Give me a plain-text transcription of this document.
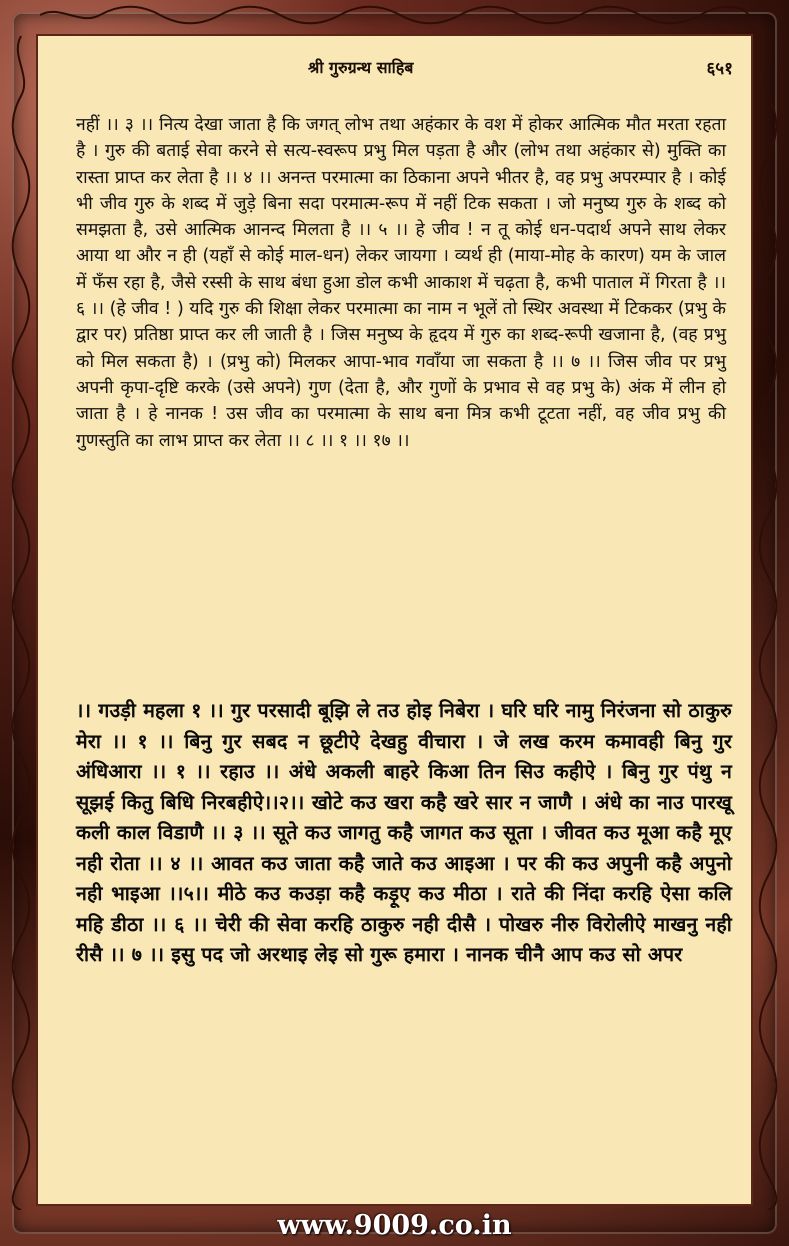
श्री गुरुग्रन्थ साहिब	६५१
नहीं ।। ३ ।। नित्य देखा जाता है कि जगत् लोभ तथा अहंकार के वश में होकर आत्मिक मौत मरता रहता है । गुरु की बताई सेवा करने से सत्य-स्वरूप प्रभु मिल पड़ता है और (लोभ तथा अहंकार से) मुक्ति का रास्ता प्राप्त कर लेता है ।। ४ ।। अनन्त परमात्मा का ठिकाना अपने भीतर है, वह प्रभु अपरम्पार है । कोई भी जीव गुरु के शब्द में जुड़े बिना सदा परमात्म-रूप में नहीं टिक सकता । जो मनुष्य गुरु के शब्द को समझता है, उसे आत्मिक आनन्द मिलता है ।। ५ ।। हे जीव ! न तू कोई धन-पदार्थ अपने साथ लेकर आया था और न ही (यहाँ से कोई माल-धन) लेकर जायगा । व्यर्थ ही (माया-मोह के कारण) यम के जाल में फँस रहा है, जैसे रस्सी के साथ बंधा हुआ डोल कभी आकाश में चढ़ता है, कभी पाताल में गिरता है ।। ६ ।। (हे जीव ! ) यदि गुरु की शिक्षा लेकर परमात्मा का नाम न भूलें तो स्थिर अवस्था में टिककर (प्रभु के द्वार पर) प्रतिष्ठा प्राप्त कर ली जाती है । जिस मनुष्य के हृदय में गुरु का शब्द-रूपी खजाना है, (वह प्रभु को मिल सकता है) । (प्रभु को) मिलकर आपा-भाव गवाँया जा सकता है ।। ७ ।। जिस जीव पर प्रभु अपनी कृपा-दृष्टि करके (उसे अपने) गुण (देता है, और गुणों के प्रभाव से वह प्रभु के) अंक में लीन हो जाता है । हे नानक ! उस जीव का परमात्मा के साथ बना मित्र कभी टूटता नहीं, वह जीव प्रभु की गुणस्तुति का लाभ प्राप्त कर लेता ।। ८ ।। १ ।। १७ ।।
।। गउड़ी महला १ ।। गुर परसादी बूझि ले तउ होइ निबेरा । घरि घरि नामु निरंजना सो ठाकुरु मेरा ।। १ ।। बिनु गुर सबद न छूटीऐ देखहु वीचारा । जे लख करम कमावही बिनु गुर अंधिआरा ।। १ ।। रहाउ ।। अंधे अकली बाहरे किआ तिन सिउ कहीऐ । बिनु गुर पंथु न सूझई कितु बिधि निरबहीऐ।।२।। खोटे कउ खरा कहै खरे सार न जाणै । अंधे का नाउ पारखू कली काल विडाणै ।। ३ ।। सूते कउ जागतु कहै जागत कउ सूता । जीवत कउ मूआ कहै मूए नही रोता ।। ४ ।। आवत कउ जाता कहै जाते कउ आइआ । पर की कउ अपुनी कहै अपुनो नही भाइआ ।।५।। मीठे कउ कउड़ा कहै कड़ूए कउ मीठा । राते की निंदा करहि ऐसा कलि महि डीठा ।। ६ ।। चेरी की सेवा करहि ठाकुरु नही दीसै । पोखरु नीरु विरोलीऐ माखनु नही रीसै ।। ७ ।। इसु पद जो अरथाइ लेइ सो गुरू हमारा । नानक चीनै आप कउ सो अपर
www.9009.co.in
